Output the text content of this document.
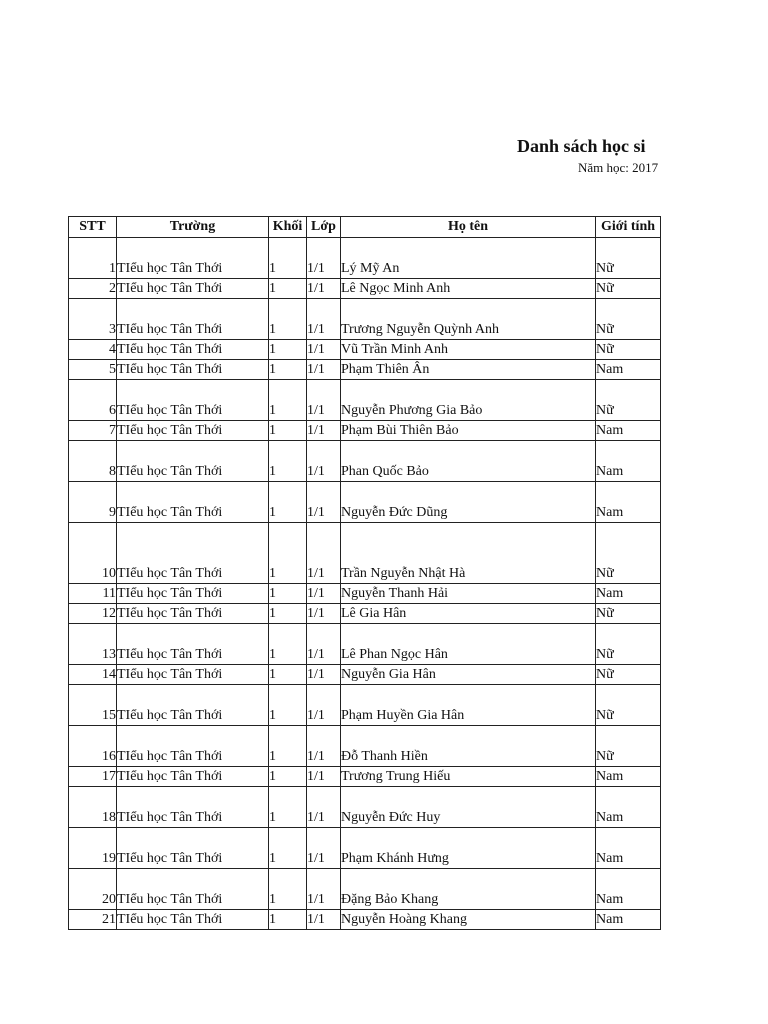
Danh sách học si
Năm học: 2017
STT	Trường	Khối	Lớp	Họ tên	Giới tính
1	TIểu học Tân Thới	1	1/1	Lý Mỹ An	Nữ
2	TIểu học Tân Thới	1	1/1	Lê Ngọc Minh Anh	Nữ
3	TIểu học Tân Thới	1	1/1	Trương Nguyễn Quỳnh Anh	Nữ
4	TIểu học Tân Thới	1	1/1	Vũ Trần Minh Anh	Nữ
5	TIểu học Tân Thới	1	1/1	Phạm Thiên Ân	Nam
6	TIểu học Tân Thới	1	1/1	Nguyễn Phương Gia Bảo	Nữ
7	TIểu học Tân Thới	1	1/1	Phạm Bùi Thiên Bảo	Nam
8	TIểu học Tân Thới	1	1/1	Phan Quốc Bảo	Nam
9	TIểu học Tân Thới	1	1/1	Nguyễn Đức Dũng	Nam
10	TIểu học Tân Thới	1	1/1	Trần Nguyễn Nhật Hà	Nữ
11	TIểu học Tân Thới	1	1/1	Nguyễn Thanh Hải	Nam
12	TIểu học Tân Thới	1	1/1	Lê Gia Hân	Nữ
13	TIểu học Tân Thới	1	1/1	Lê Phan Ngọc Hân	Nữ
14	TIểu học Tân Thới	1	1/1	Nguyễn Gia Hân	Nữ
15	TIểu học Tân Thới	1	1/1	Phạm Huyền Gia Hân	Nữ
16	TIểu học Tân Thới	1	1/1	Đỗ Thanh Hiền	Nữ
17	TIểu học Tân Thới	1	1/1	Trương Trung Hiếu	Nam
18	TIểu học Tân Thới	1	1/1	Nguyễn Đức Huy	Nam
19	TIểu học Tân Thới	1	1/1	Phạm Khánh Hưng	Nam
20	TIểu học Tân Thới	1	1/1	Đặng Bảo Khang	Nam
21	TIểu học Tân Thới	1	1/1	Nguyễn Hoàng Khang	Nam
